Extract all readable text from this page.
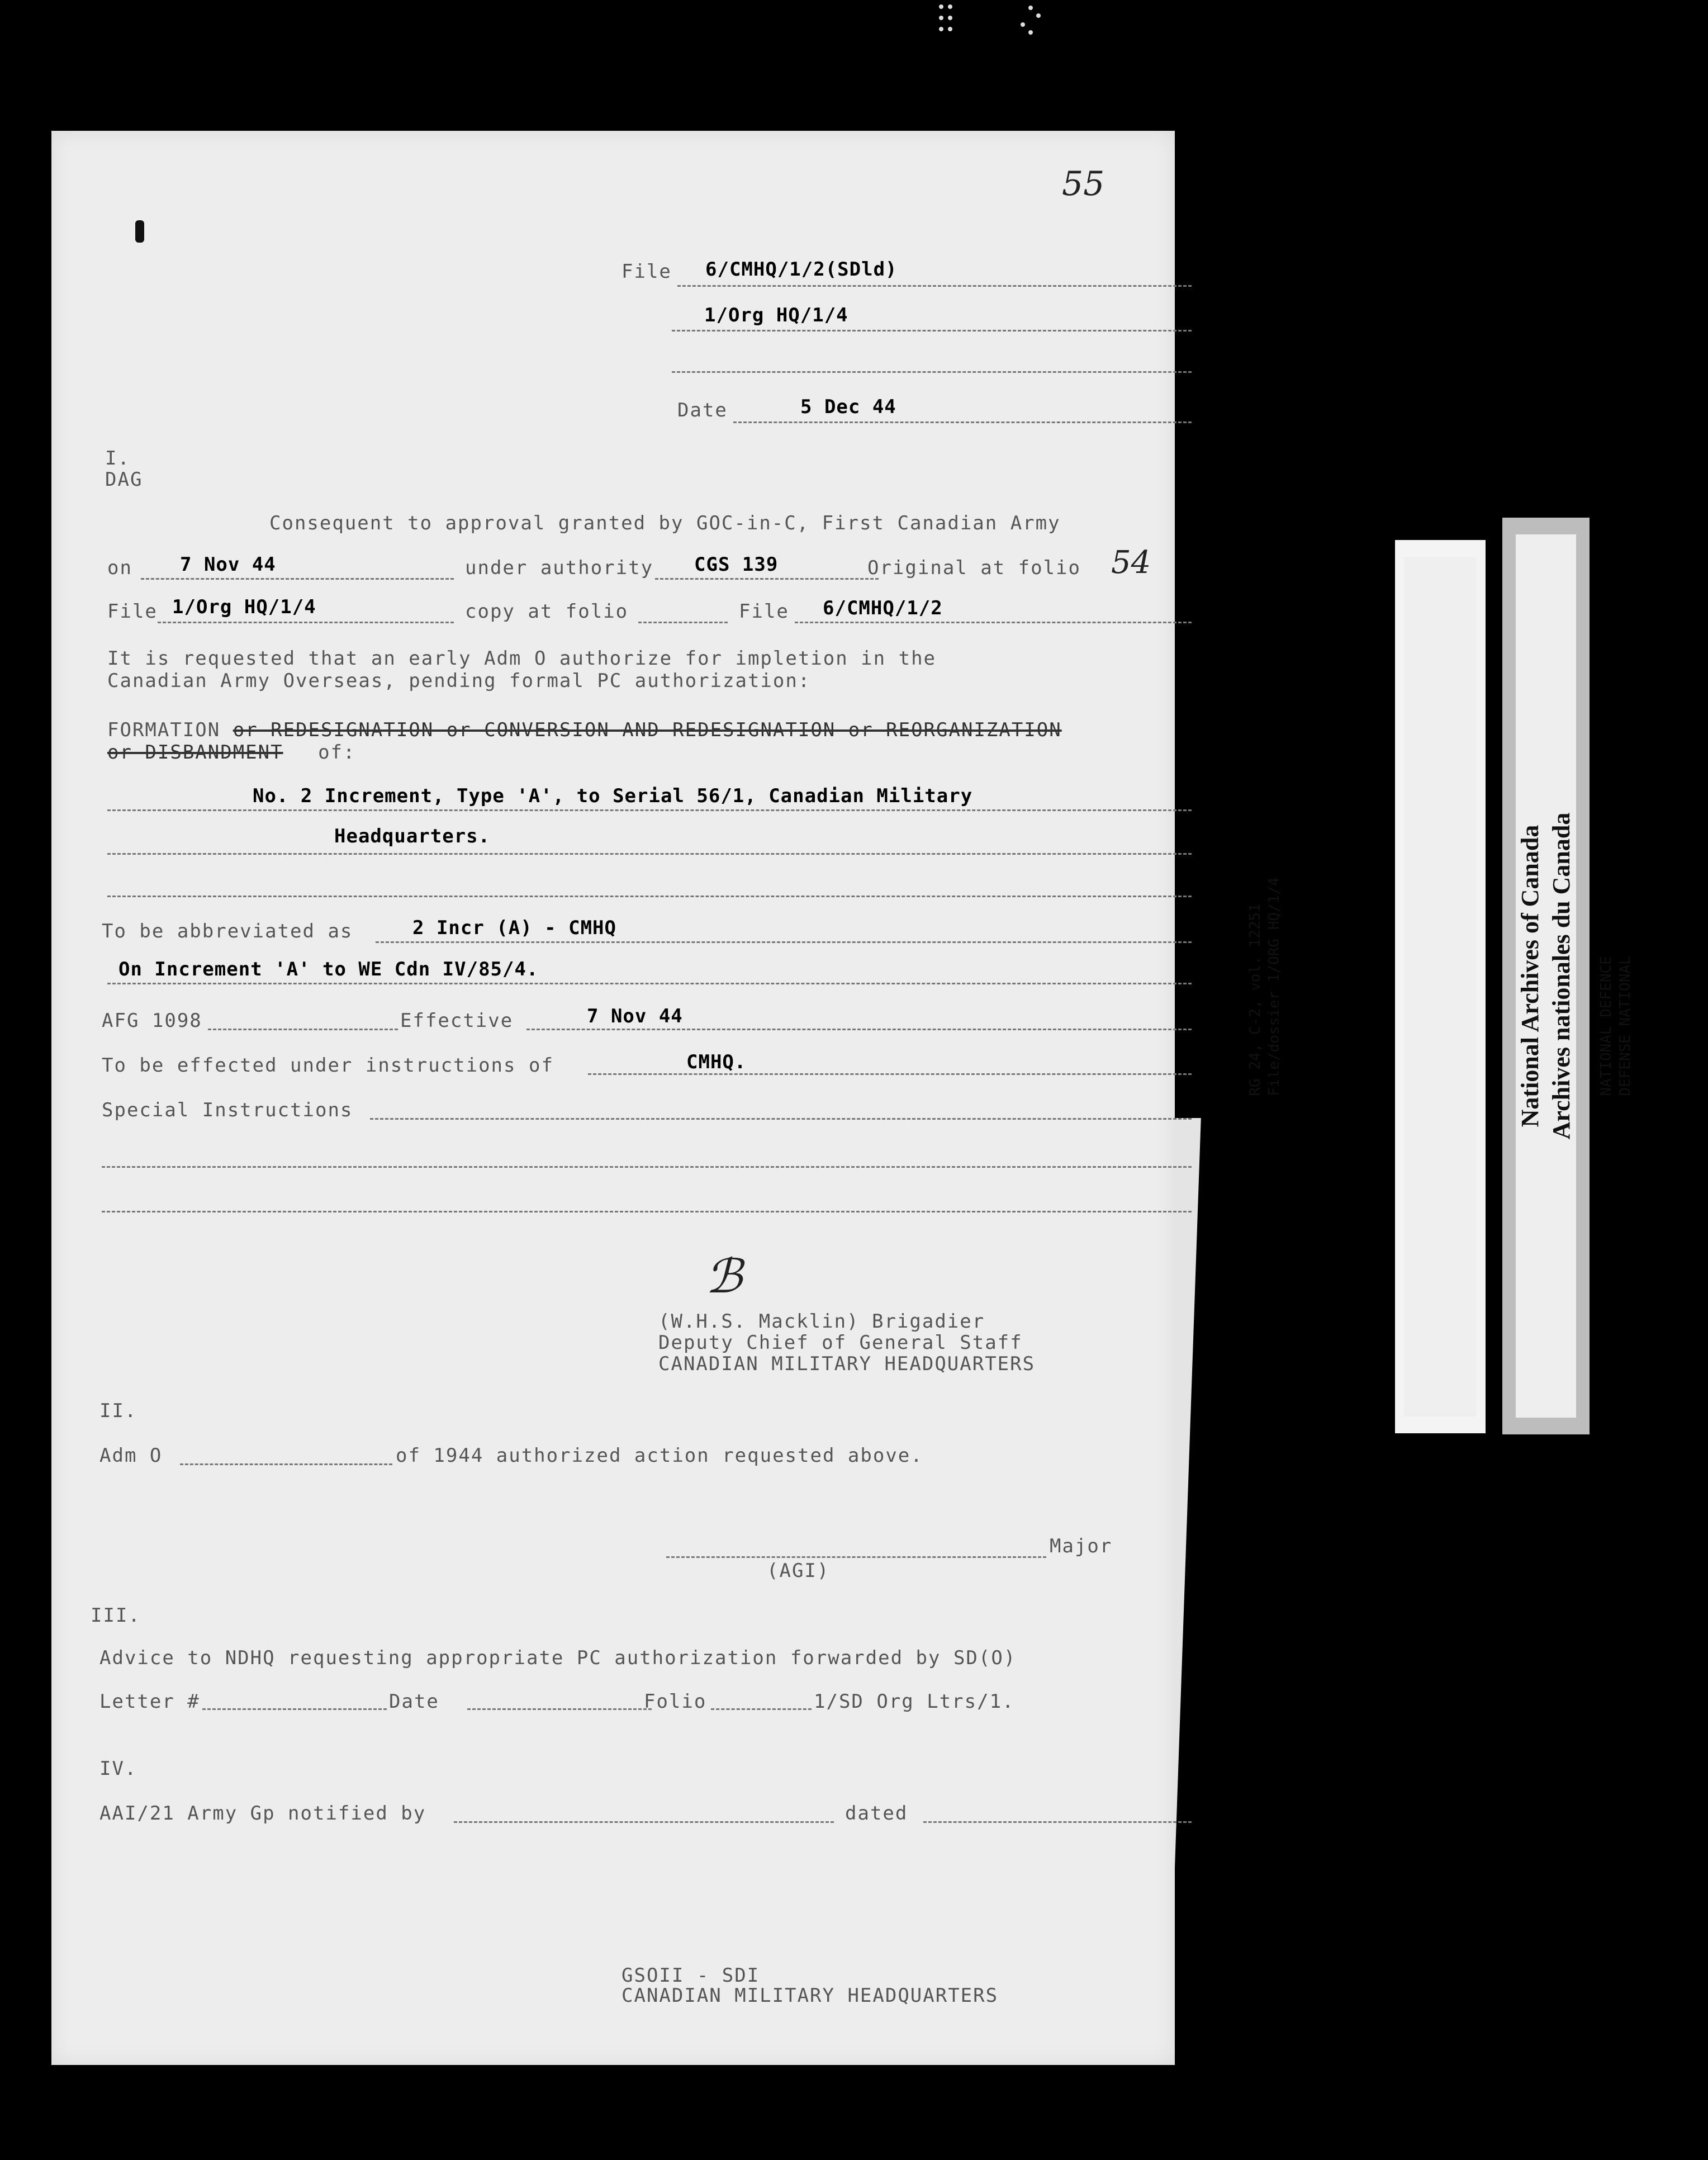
55
File 6/CMHQ/1/2(SDld)
1/Org HQ/1/4
Date	5 Dec 44
I.
DAG
Consequent to approval granted by GOC-in-C, First Canadian Army
on	7 Nov 44	under authority CGS 139	Original at folio 54
File 1/Org HQ/1/4	copy at folio	File 6/CMHQ/1/2
It is requested that an early Adm O authorize for impletion in the
Canadian Army Overseas, pending formal PC authorization:
FORMATION or REDESIGNATION or CONVERSION AND REDESIGNATION or REORGANIZATION
or DISBANDMENT of:
No. 2 Increment, Type 'A', to Serial 56/1, Canadian Military
Headquarters.
To be abbreviated as	2 Incr (A) - CMHQ
On Increment 'A' to WE Cdn IV/85/4.
AFG 1098	Effective	7 Nov 44
To be effected under instructions of	CMHQ.
Special Instructions
ℬ
(W.H.S. Macklin) Brigadier
Deputy Chief of General Staff
CANADIAN MILITARY HEADQUARTERS
II.
Adm O	of 1944 authorized action requested above.
Major
(AGI)
III.
Advice to NDHQ requesting appropriate PC authorization forwarded by SD(O)
Letter #	Date	Folio	1/SD Org Ltrs/1.
IV.
AAI/21 Army Gp notified by	dated
GSOII - SDI
CANADIAN MILITARY HEADQUARTERS
RG 24, C-2, vol. 12251 File/dossier 1/ORG HQ/1/4	NATIONAL DEFENCE DEFENSE NATIONAL
National Archives of Canada Archives nationales du Canada
